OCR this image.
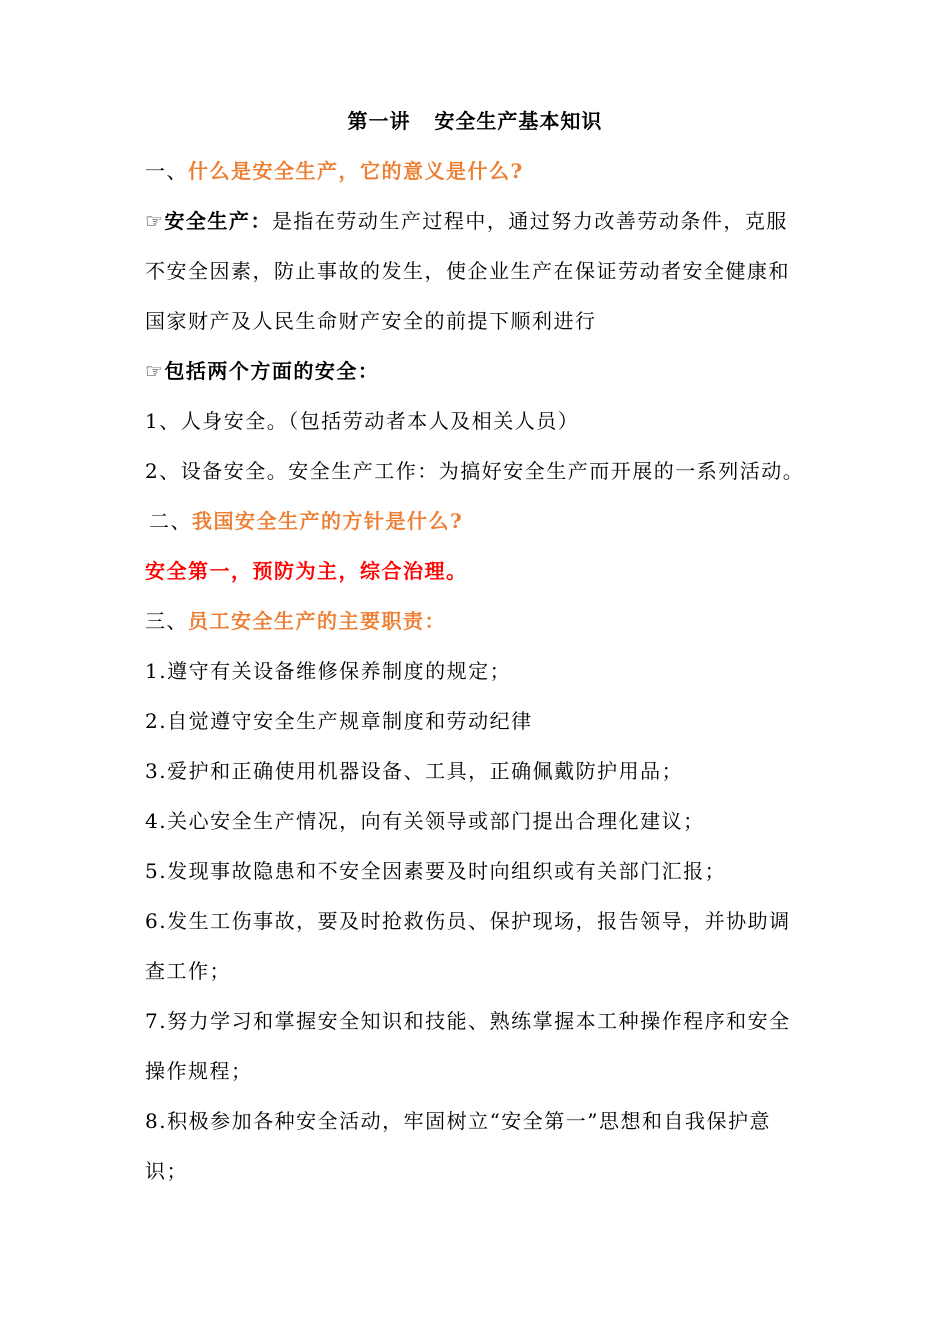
第一讲 安全生产基本知识
一、什么是安全生产，它的意义是什么?
☞安全生产：是指在劳动生产过程中，通过努力改善劳动条件，克服
不安全因素，防止事故的发生，使企业生产在保证劳动者安全健康和
国家财产及人民生命财产安全的前提下顺利进行
☞包括两个方面的安全：
1、人身安全。（包括劳动者本人及相关人员）
2、设备安全。安全生产工作：为搞好安全生产而开展的一系列活动。
二、我国安全生产的方针是什么?
安全第一，预防为主，综合治理。
三、员工安全生产的主要职责：
1.遵守有关设备维修保养制度的规定；
2.自觉遵守安全生产规章制度和劳动纪律
3.爱护和正确使用机器设备、工具，正确佩戴防护用品；
4.关心安全生产情况，向有关领导或部门提出合理化建议；
5.发现事故隐患和不安全因素要及时向组织或有关部门汇报；
6.发生工伤事故，要及时抢救伤员、保护现场，报告领导，并协助调
查工作；
7.努力学习和掌握安全知识和技能、熟练掌握本工种操作程序和安全
操作规程；
8.积极参加各种安全活动，牢固树立“安全第一”思想和自我保护意
识；
